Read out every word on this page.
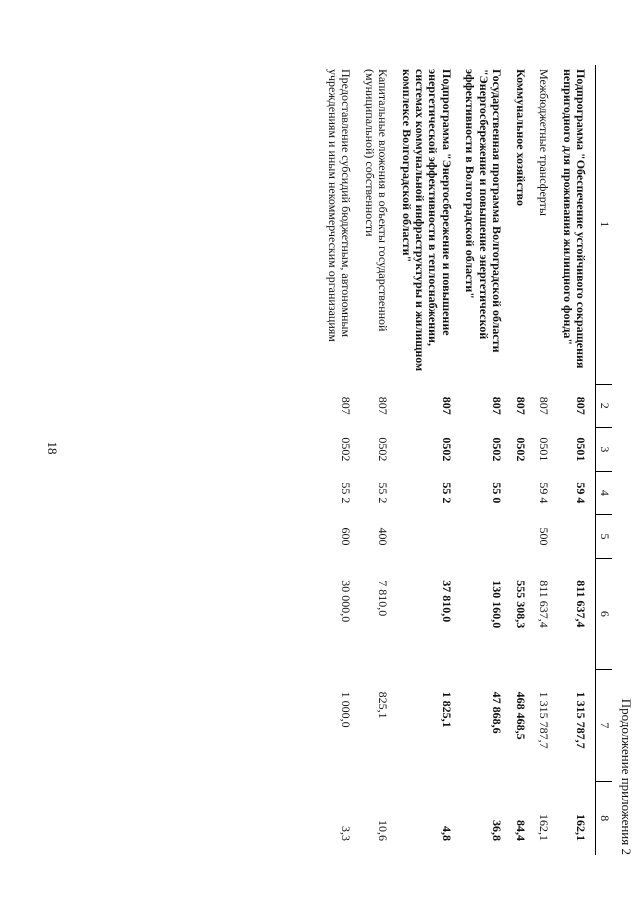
18
Продолжение приложения 2
1	2	3	4	5	6	7	8

Подпрограмма "Обеспечение устойчивого сокращения непригодного для проживания жилищного фонда"	807	0501	59 4		811 637,4	1 315 787,7	162,1
Межбюджетные трансферты	807	0501	59 4	500	811 637,4	1 315 787,7	162,1
Коммунальное хозяйство	807	0502			555 308,3	468 468,5	84,4
Государственная программа Волгоградской области "Энергосбережение и повышение энергетической эффективности в Волгоградской области"	807	0502	55 0		130 160,0	47 868,6	36,8
Подпрограмма "Энергосбережение и повышение энергетической эффективности в теплоснабжении, системах коммунальной инфраструктуры и жилищном комплексе Волгоградской области"	807	0502	55 2		37 810,0	1 825,1	4,8
Капитальные вложения в объекты государственной (муниципальной) собственности	807	0502	55 2	400	7 810,0	825,1	10,6
Предоставление субсидий бюджетным, автономным учреждениям и иным некоммерческим организациям	807	0502	55 2	600	30 000,0	1 000,0	3,3
